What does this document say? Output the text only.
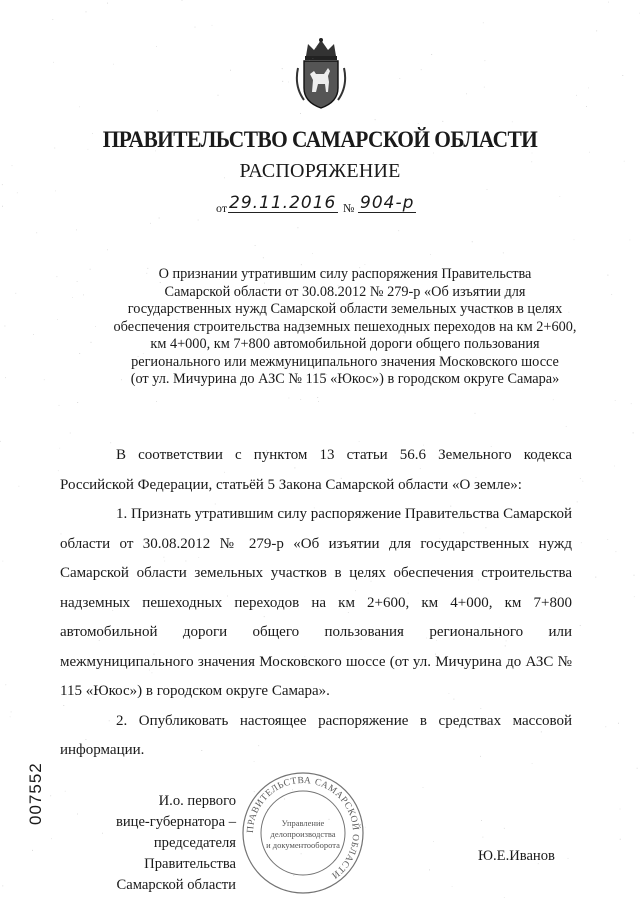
ПРАВИТЕЛЬСТВО САМАРСКОЙ ОБЛАСТИ
РАСПОРЯЖЕНИЕ
от 29.11.2016 № 904-р
О признании утратившим силу распоряжения Правительства
Самарской области от 30.08.2012 № 279-р «Об изъятии для
государственных нужд Самарской области земельных участков в целях
обеспечения строительства надземных пешеходных переходов на км 2+600,
км 4+000, км 7+800 автомобильной дороги общего пользования
регионального или межмуниципального значения Московского шоссе
(от ул. Мичурина до АЗС № 115 «Юкос») в городском округе Самара»

В соответствии с пунктом 13 статьи 56.6 Земельного кодекса Российской Федерации, статьёй 5 Закона Самарской области «О земле»:

1. Признать утратившим силу распоряжение Правительства Самарской области от 30.08.2012 № 279-р «Об изъятии для государственных нужд Самарской области земельных участков в целях обеспечения строительства надземных пешеходных переходов на км 2+600, км 4+000, км 7+800 автомобильной дороги общего пользования регионального или межмуниципального значения Московского шоссе (от ул. Мичурина до АЗС № 115 «Юкос») в городском округе Самара».

2. Опубликовать настоящее распоряжение в средствах массовой информации.

И.о. первого
вице-губернатора –
председателя Правительства
Самарской области
ПРАВИТЕЛЬСТВА САМАРСКОЙ ОБЛАСТИ
Управление
делопроизводства
и документооборота
Ю.Е.Иванов
007552
